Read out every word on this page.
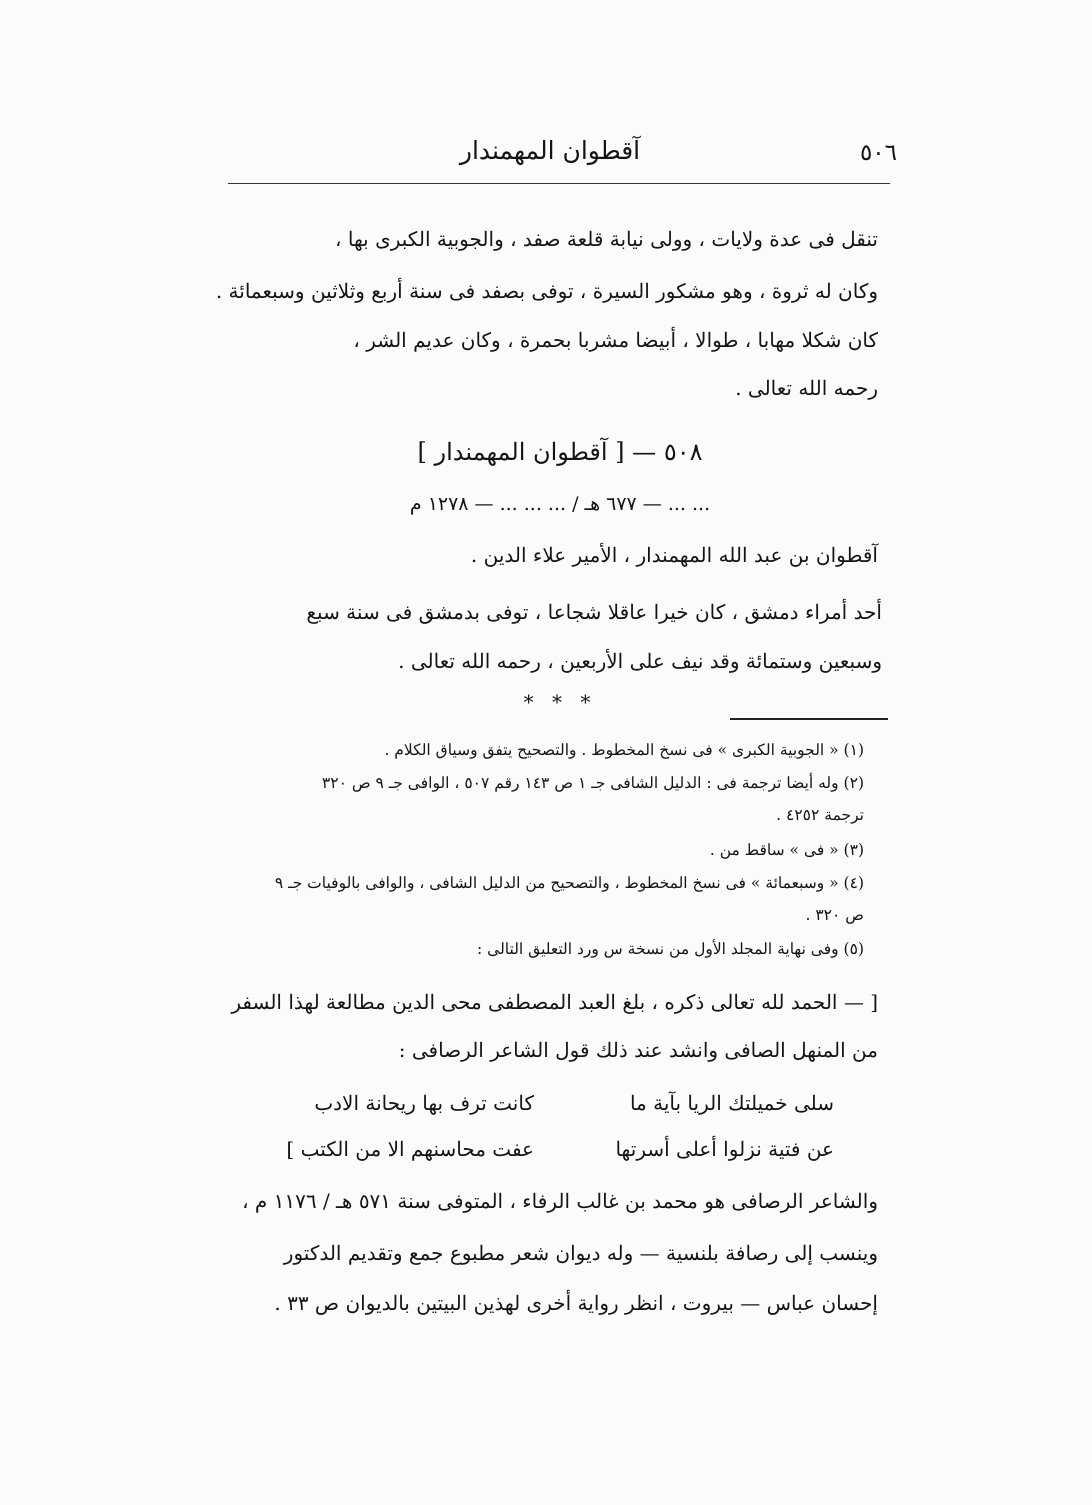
آقطوان المهمندار	٥٠٦
تنقل فى عدة ولايات ، وولى نيابة قلعة صفد ، والجوبية الكبرى بها ،
وكان له ثروة ، وهو مشكور السيرة ، توفى بصفد فى سنة أربع وثلاثين وسبعمائة .
كان شكلا مهابا ، طوالا ، أبيضا مشربا بحمرة ، وكان عديم الشر ،
رحمه الله تعالى .
٥٠٨ — [ آقطوان المهمندار ]
... ... — ٦٧٧ هـ / ... ... ... — ١٢٧٨ م
آقطوان بن عبد الله المهمندار ، الأمير علاء الدين .
أحد أمراء دمشق ، كان خيرا عاقلا شجاعا ، توفى بدمشق فى سنة سبع
وسبعين وستمائة وقد نيف على الأربعين ، رحمه الله تعالى .
* * *
(١) « الجوبية الكبرى » فى نسخ المخطوط . والتصحيح يتفق وسياق الكلام .
(٢) وله أيضا ترجمة فى : الدليل الشافى جـ ١ ص ١٤٣ رقم ٥٠٧ ، الوافى جـ ٩ ص ٣٢٠
ترجمة ٤٢٥٢ .
(٣) « فى » ساقط من .
(٤) « وسبعمائة » فى نسخ المخطوط ، والتصحيح من الدليل الشافى ، والوافى بالوفيات جـ ٩
ص ٣٢٠ .
(٥) وفى نهاية المجلد الأول من نسخة س ورد التعليق التالى :
[ — الحمد لله تعالى ذكره ، بلغ العبد المصطفى محى الدين مطالعة لهذا السفر
من المنهل الصافى وانشد عند ذلك قول الشاعر الرصافى :
سلى خميلتك الريا بآية ما
كانت ترف بها ريحانة الادب
عن فتية نزلوا أعلى أسرتها
عفت محاسنهم الا من الكتب ]
والشاعر الرصافى هو محمد بن غالب الرفاء ، المتوفى سنة ٥٧١ هـ / ١١٧٦ م ،
وينسب إلى رصافة بلنسية — وله ديوان شعر مطبوع جمع وتقديم الدكتور
إحسان عباس — بيروت ، انظر رواية أخرى لهذين البيتين بالديوان ص ٣٣ .
